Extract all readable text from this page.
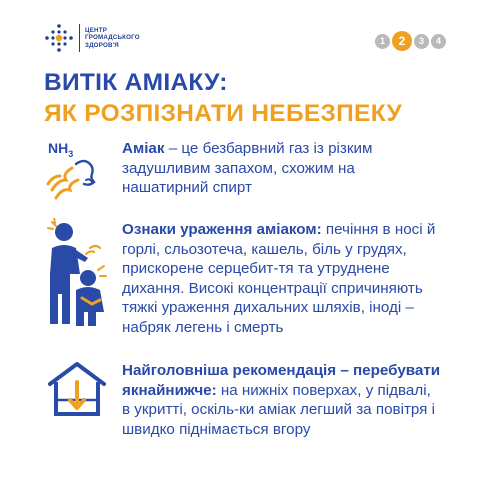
ЦЕНТР
ГРОМАДСЬКОГО
ЗДОРОВ'Я	1	2	3	4
ВИТІК АМІАКУ:
ЯК РОЗПІЗНАТИ НЕБЕЗПЕКУ
$NH_3$	Аміак – це безбарвний газ із різким задушливим запахом, схожим на нашатирний спирт
Ознаки ураження аміаком: печіння в носі й горлі, сльозотеча, кашель, біль у грудях, прискорене серцебит-тя та утруднене дихання. Високі концентрації спричиняють тяжкі ураження дихальних шляхів, іноді – набряк легень і смерть
Найголовніша рекомендація – перебувати якнайнижче: на нижніх поверхах, у підвалі, в укритті, оскіль-ки аміак легший за повітря і швидко піднімається вгору
